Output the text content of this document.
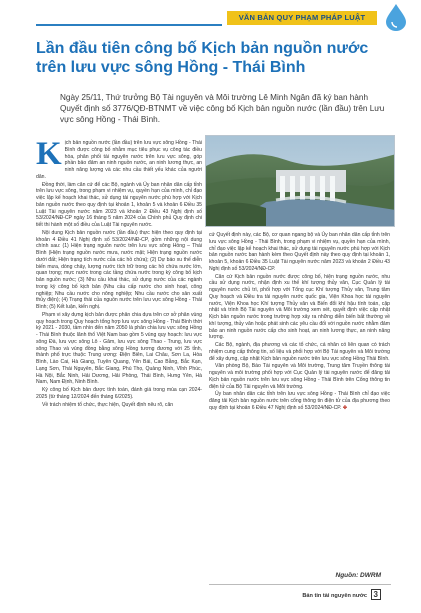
VĂN BẢN QUY PHẠM PHÁP LUẬT
Lần đầu tiên công bố Kịch bản nguồn nước trên lưu vực sông Hồng - Thái Bình

Ngày 25/11, Thứ trưởng Bộ Tài nguyên và Môi trường Lê Minh Ngân đã ký ban hành Quyết định số 3776/QĐ-BTNMT về việc công bố Kịch bản nguồn nước (lần đầu) trên Lưu vực sông Hồng - Thái Bình.

K ịch bản nguồn nước (lần đầu) trên lưu vực sông Hồng - Thái Bình được công bố nhằm mục tiêu phục vụ công tác điều hòa, phân phối tài nguyên nước trên lưu vực sông, góp phần bảo đảm an ninh nguồn nước, an ninh lương thực, an ninh năng lượng và các nhu cầu thiết yếu khác của người dân.

Đồng thời, làm căn cứ để các Bộ, ngành và Ủy ban nhân dân cấp tỉnh trên lưu vực sông, trong phạm vi nhiệm vụ, quyền hạn của mình, chỉ đạo việc lập kế hoạch khai thác, sử dụng tài nguyên nước phù hợp với Kịch bản nguồn nước theo quy định tại khoản 1, khoản 5 và khoản 6 Điều 35 Luật Tài nguyên nước năm 2023 và khoản 2 Điều 43 Nghị định số 53/2024/NĐ-CP ngày 16 tháng 5 năm 2024 của Chính phủ Quy định chi tiết thi hành một số điều của Luật Tài nguyên nước.

Nội dung Kịch bản nguồn nước (lần đầu) thực hiện theo quy định tại khoản 4 Điều 41 Nghị định số 53/2024/NĐ-CP, gồm những nội dung chính sau: (1) Hiện trạng nguồn nước trên lưu vực sông Hồng – Thái Bình (Hiện trạng nguồn nước mưa, nước mặt; Hiện trạng nguồn nước dưới đất; Hiện trạng tích nước của các hồ chứa); (2) Dự báo xu thế diễn biến mưa, dòng chảy, lượng nước tích trữ trong các hồ chứa nước lớn, quan trọng; mực nước trong các tầng chứa nước trong kỳ công bố kịch bản nguồn nước; (3) Nhu cầu khai thác, sử dụng nước của các ngành trong kỳ công bố kịch bản (Nhu cầu cấp nước cho sinh hoạt, công nghiệp; Nhu cầu nước cho nông nghiệp; Nhu cầu nước cho sản xuất thủy điện); (4) Trạng thái của nguồn nước trên lưu vực sông Hồng - Thái Bình; (5) Kết luận, kiến nghị.

Phạm vi xây dựng kịch bản được phân chia dựa trên cơ sở phân vùng quy hoạch trong Quy hoạch tổng hợp lưu vực sông Hồng - Thái Bình thời kỳ 2021 - 2030, tầm nhìn đến năm 2050 là phân chia lưu vực sông Hồng - Thái Bình thuộc lãnh thổ Việt Nam bao gồm 5 vùng quy hoạch: lưu vực sông Đà, lưu vực sông Lô - Gâm, lưu vực sông Thao - Trung, lưu vực sông Thao và vùng đồng bằng sông Hồng tương đương với 25 tỉnh, thành phố trực thuộc Trung ương: Điện Biên, Lai Châu, Sơn La, Hòa Bình, Lào Cai, Hà Giang, Tuyên Quang, Yên Bái, Cao Bằng, Bắc Kạn, Lạng Sơn, Thái Nguyên, Bắc Giang, Phú Thọ, Quảng Ninh, Vĩnh Phúc, Hà Nội, Bắc Ninh, Hải Dương, Hải Phòng, Thái Bình, Hưng Yên, Hà Nam, Nam Định, Ninh Bình.

Kỳ công bố Kịch bản được tính toán, đánh giá trong mùa cạn 2024-2025 (từ tháng 12/2024 đến tháng 6/2025).

Về trách nhiệm tổ chức, thực hiện, Quyết định nêu rõ, căn

cứ Quyết định này, các Bộ, cơ quan ngang bộ và Ủy ban nhân dân cấp tỉnh trên lưu vực sông Hồng - Thái Bình, trong phạm vi nhiệm vụ, quyền hạn của mình, chỉ đạo việc lập kế hoạch khai thác, sử dụng tài nguyên nước phù hợp với Kịch bản nguồn nước ban hành kèm theo Quyết định này theo quy định tại khoản 1, khoản 5, khoản 6 Điều 35 Luật Tài nguyên nước năm 2023 và khoản 2 Điều 43 Nghị định số 53/2024/NĐ-CP.

Căn cứ Kịch bản nguồn nước được công bố, hiện trạng nguồn nước, nhu cầu sử dụng nước, nhận định xu thế khí tượng thủy văn, Cục Quản lý tài nguyên nước chủ trì, phối hợp với Tổng cục Khí tượng Thủy văn, Trung tâm Quy hoạch và Điều tra tài nguyên nước quốc gia, Viện Khoa học tài nguyên nước, Viện Khoa học Khí tượng Thủy văn và Biến đổi khí hậu tính toán, cập nhật và trình Bộ Tài nguyên và Môi trường xem xét, quyết định việc cập nhật Kịch bản nguồn nước trong trường hợp xảy ra những diễn biến bất thường về khí tượng, thủy văn hoặc phát sinh các yêu cầu đối với nguồn nước nhằm đảm bảo an ninh nguồn nước cấp cho sinh hoạt, an ninh lương thực, an ninh năng lượng.

Các Bộ, ngành, địa phương và các tổ chức, cá nhân có liên quan có trách nhiệm cung cấp thông tin, số liệu và phối hợp với Bộ Tài nguyên và Môi trường để xây dựng, cập nhật Kịch bản nguồn nước trên lưu vực sông Hồng Thái Bình.

Văn phòng Bộ, Báo Tài nguyên và Môi trường, Trung tâm Truyền thông tài nguyên và môi trường phối hợp với Cục Quản lý tài nguyên nước để đăng tải Kịch bản nguồn nước trên lưu vực sông Hồng - Thái Bình trên Cổng thông tin điện tử của Bộ Tài nguyên và Môi trường.

Ủy ban nhân dân các tỉnh trên lưu vực sông Hồng - Thái Bình chỉ đạo việc đăng tải Kịch bản nguồn nước trên cổng thông tin điện tử của địa phương theo quy định tại khoản 6 Điều 47 Nghị định số 53/2024/NĐ-CP. ✤

Nguồn: DWRM
Bản tin tài nguyên nước 3
